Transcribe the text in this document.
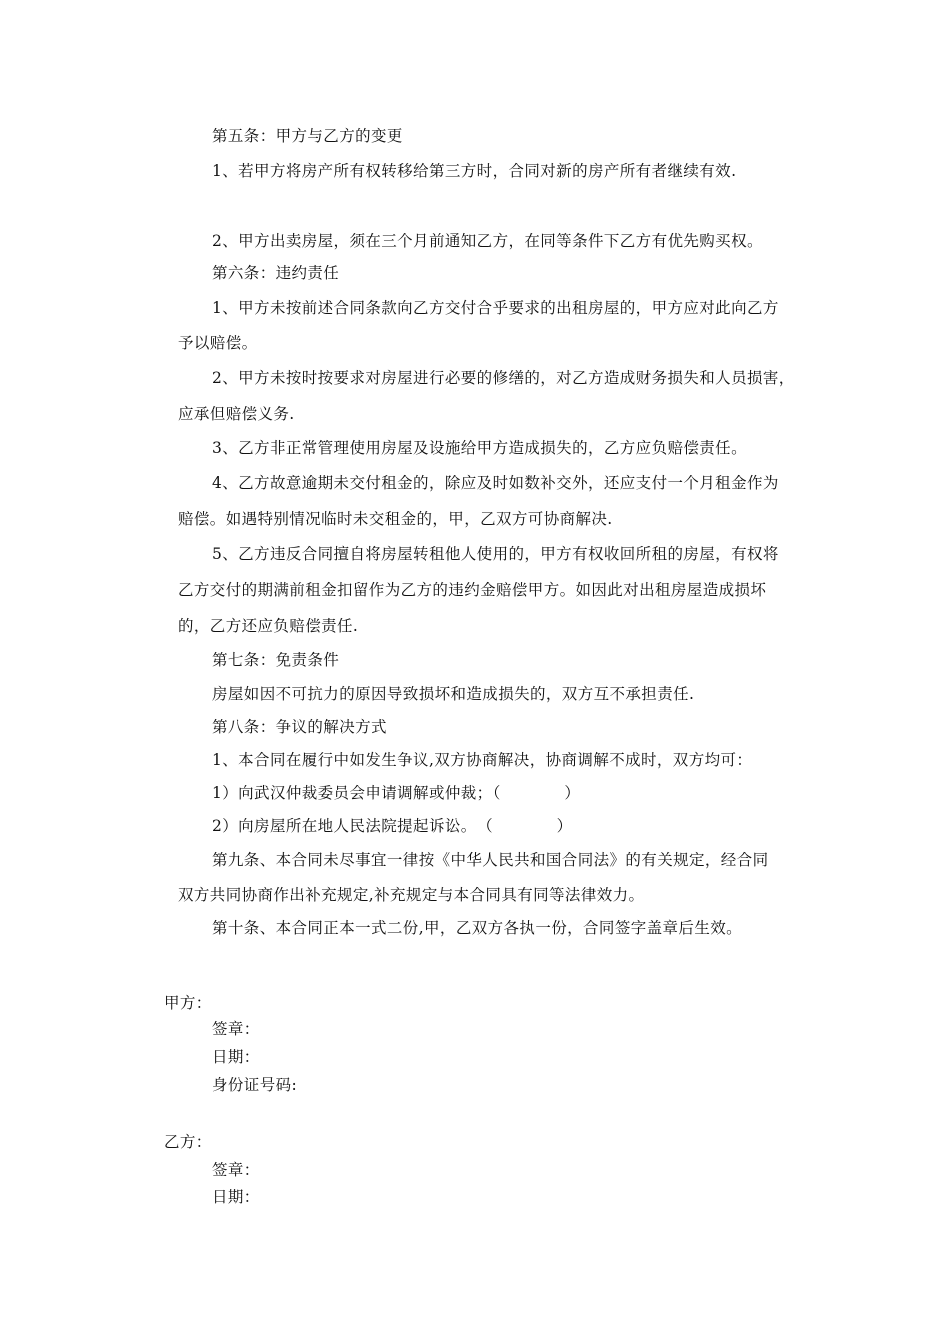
第五条：甲方与乙方的变更
1、若甲方将房产所有权转移给第三方时，合同对新的房产所有者继续有效.
2、甲方出卖房屋，须在三个月前通知乙方，在同等条件下乙方有优先购买权。
第六条：违约责任
1、甲方未按前述合同条款向乙方交付合乎要求的出租房屋的，甲方应对此向乙方
予以赔偿。
2、甲方未按时按要求对房屋进行必要的修缮的，对乙方造成财务损失和人员损害，
应承但赔偿义务.
3、乙方非正常管理使用房屋及设施给甲方造成损失的，乙方应负赔偿责任。
4、乙方故意逾期未交付租金的，除应及时如数补交外，还应支付一个月租金作为
赔偿。如遇特别情况临时未交租金的，甲，乙双方可协商解决.
5、乙方违反合同擅自将房屋转租他人使用的，甲方有权收回所租的房屋，有权将
乙方交付的期满前租金扣留作为乙方的违约金赔偿甲方。如因此对出租房屋造成损坏
的，乙方还应负赔偿责任.
第七条：免责条件
房屋如因不可抗力的原因导致损坏和造成损失的，双方互不承担责任.
第八条：争议的解决方式
1、本合同在履行中如发生争议,双方协商解决，协商调解不成时，双方均可：
1）向武汉仲裁委员会申请调解或仲裁；（　　　　）
2）向房屋所在地人民法院提起诉讼。　（　　　　）
第九条、本合同未尽事宜一律按《中华人民共和国合同法》的有关规定，经合同
双方共同协商作出补充规定,补充规定与本合同具有同等法律效力。
第十条、本合同正本一式二份,甲，乙双方各执一份，合同签字盖章后生效。
甲方：
签章：
日期：
身份证号码:
乙方：
签章：
日期：
